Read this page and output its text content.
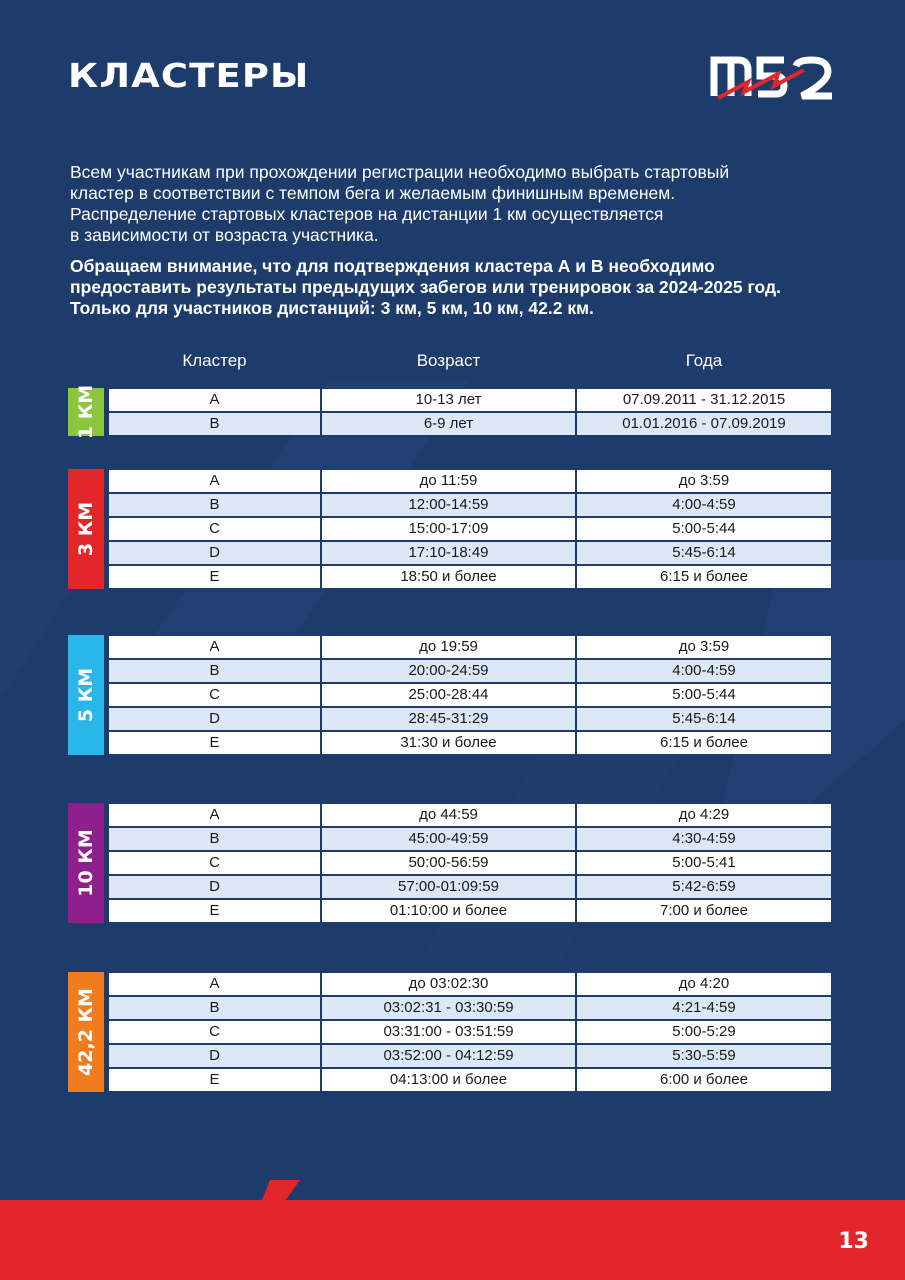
КЛАСТЕРЫ

Всем участникам при прохождении регистрации необходимо выбрать стартовый

кластер в соответствии с темпом бега и желаемым финишным временем.

Распределение стартовых кластеров на дистанции 1 км осуществляется

в зависимости от возраста участника.

Обращаем внимание, что для подтверждения кластера А и В необходимо

предоставить результаты предыдущих забегов или тренировок за 2024-2025 год.

Только для участников дистанций: 3 км, 5 км, 10 км, 42.2 км.

Кластер	Возраст	Года
1 КМ	A	10-13 лет	07.09.2011 - 31.12.2015
B	6-9 лет	01.01.2016 - 07.09.2019
3 КМ
A	до 11:59	до 3:59
B	12:00-14:59	4:00-4:59
C	15:00-17:09	5:00-5:44
D	17:10-18:49	5:45-6:14
E	18:50 и более	6:15 и более
5 КМ
A	до 19:59	до 3:59
B	20:00-24:59	4:00-4:59
C	25:00-28:44	5:00-5:44
D	28:45-31:29	5:45-6:14
E	31:30 и более	6:15 и более
10 КМ
A	до 44:59	до 4:29
B	45:00-49:59	4:30-4:59
C	50:00-56:59	5:00-5:41
D	57:00-01:09:59	5:42-6:59
E	01:10:00 и более	7:00 и более
42,2 КМ
A	до 03:02:30	до 4:20
B	03:02:31 - 03:30:59	4:21-4:59
C	03:31:00 - 03:51:59	5:00-5:29
D	03:52:00 - 04:12:59	5:30-5:59
E	04:13:00 и более	6:00 и более
13
